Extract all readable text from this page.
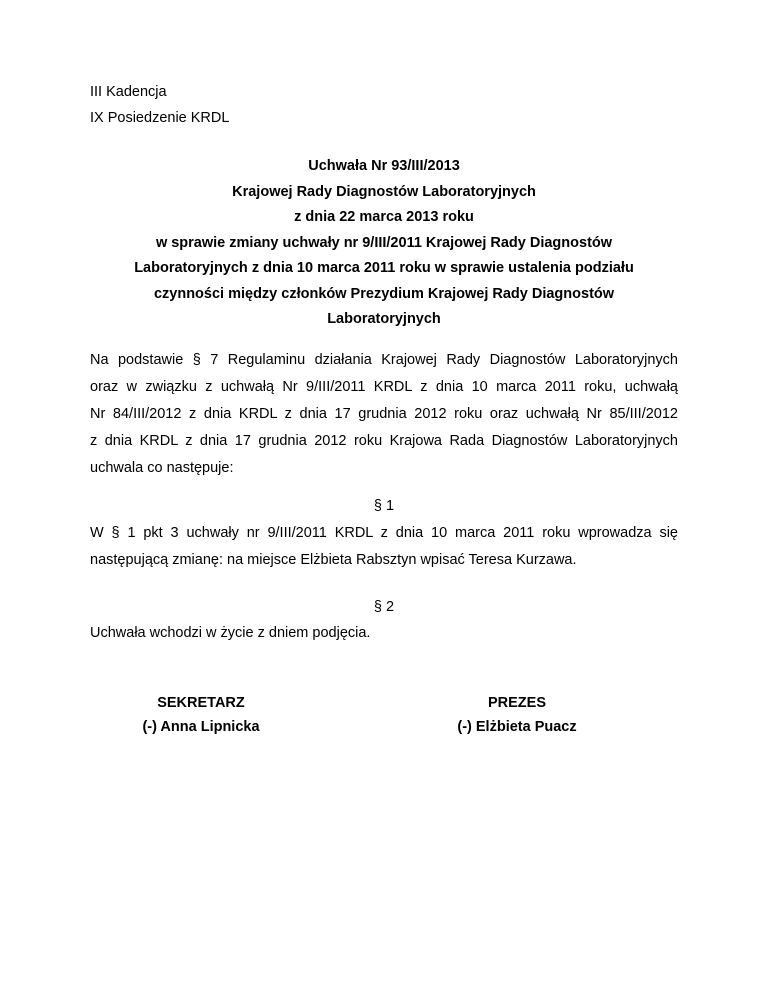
III Kadencja
IX Posiedzenie KRDL
Uchwała Nr 93/III/2013
Krajowej Rady Diagnostów Laboratoryjnych
z dnia 22 marca 2013 roku
w sprawie zmiany uchwały nr 9/III/2011 Krajowej Rady Diagnostów
Laboratoryjnych z dnia 10 marca 2011 roku w sprawie ustalenia podziału
czynności między członków Prezydium Krajowej Rady Diagnostów
Laboratoryjnych
Na podstawie § 7 Regulaminu działania Krajowej Rady Diagnostów Laboratoryjnych
oraz w związku z uchwałą Nr 9/III/2011 KRDL z dnia 10 marca 2011 roku, uchwałą
Nr 84/III/2012 z dnia KRDL z dnia 17 grudnia 2012 roku oraz uchwałą Nr 85/III/2012
z dnia KRDL z dnia 17 grudnia 2012 roku Krajowa Rada Diagnostów Laboratoryjnych
uchwala co następuje:
§ 1
W § 1 pkt 3 uchwały nr 9/III/2011 KRDL z dnia 10 marca 2011 roku wprowadza się
następującą zmianę: na miejsce Elżbieta Rabsztyn wpisać Teresa Kurzawa.
§ 2
Uchwała wchodzi w życie z dniem podjęcia.
SEKRETARZ
(-) Anna Lipnicka
PREZES
(-) Elżbieta Puacz
